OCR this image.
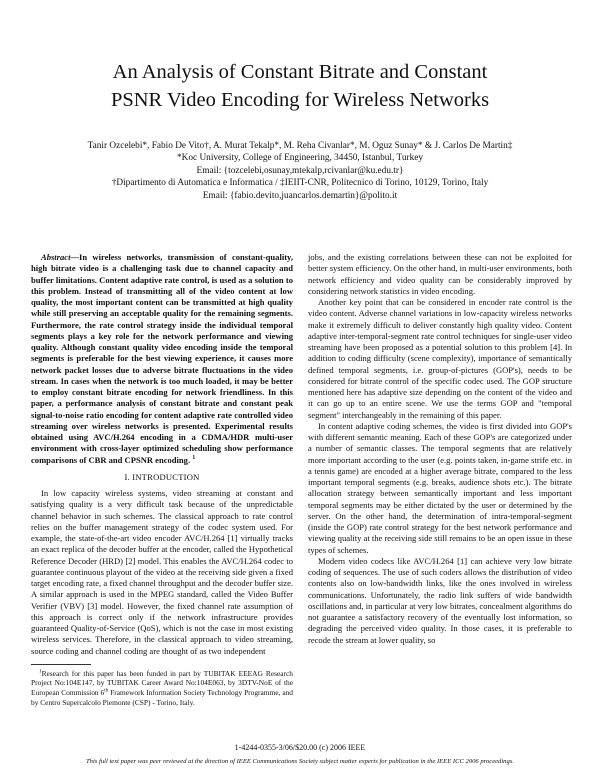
An Analysis of Constant Bitrate and Constant
PSNR Video Encoding for Wireless Networks
Tanir Ozcelebi*, Fabio De Vito†, A. Murat Tekalp*, M. Reha Civanlar*, M. Oguz Sunay* & J. Carlos De Martin‡
*Koc University, College of Engineering, 34450, Istanbul, Turkey
Email: {tozcelebi,osunay,mtekalp,rcivanlar@ku.edu.tr}
†Dipartimento di Automatica e Informatica / ‡IEIIT-CNR, Politecnico di Torino, 10129, Torino, Italy
Email: {fabio.devito,juancarlos.demartin}@polito.it

Abstract—In wireless networks, transmission of constant-quality, high bitrate video is a challenging task due to channel capacity and buffer limitations. Content adaptive rate control, is used as a solution to this problem. Instead of transmitting all of the video content at low quality, the most important content can be transmitted at high quality while still preserving an acceptable quality for the remaining segments. Furthermore, the rate control strategy inside the individual temporal segments plays a key role for the network performance and viewing quality. Although constant quality video encoding inside the temporal segments is preferable for the best viewing experience, it causes more network packet losses due to adverse bitrate fluctuations in the video stream. In cases when the network is too much loaded, it may be better to employ constant bitrate encoding for network friendliness. In this paper, a performance analysis of constant bitrate and constant peak signal-to-noise ratio encoding for content adaptive rate controlled video streaming over wireless networks is presented. Experimental results obtained using AVC/H.264 encoding in a CDMA/HDR multi-user environment with cross-layer optimized scheduling show performance comparisons of CBR and CPSNR encoding. $^1$

I. INTRODUCTION

In low capacity wireless systems, video streaming at constant and satisfying quality is a very difficult task because of the unpredictable channel behavior in such schemes. The classical approach to rate control relies on the buffer management strategy of the codec system used. For example, the state-of-the-art video encoder AVC/H.264 [1] virtually tracks an exact replica of the decoder buffer at the encoder, called the Hypothetical Reference Decoder (HRD) [2] model. This enables the AVC/H.264 codec to guarantee continuous playout of the video at the receiving side given a fixed target encoding rate, a fixed channel throughput and the decoder buffer size. A similar approach is used in the MPEG standard, called the Video Buffer Verifier (VBV) [3] model. However, the fixed channel rate assumption of this approach is correct only if the network infrastructure provides guaranteed Quality-of-Service (QoS), which is not the case in most existing wireless services. Therefore, in the classical approach to video streaming, source coding and channel coding are thought of as two independent

$^1$Research for this paper has been funded in part by TUBITAK EEEAG Research Project No:104E147, by TUBITAK Career Award No:104E063, by 3DTV-NoE of the European Commission 6th Framework Information Society Technology Programme, and by Centro Supercalcolo Piemonte (CSP) - Torino, Italy.

jobs, and the existing correlations between these can not be exploited for better system efficiency. On the other hand, in multi-user environments, both network efficiency and video quality can be considerably improved by considering network statistics in video encoding.

Another key point that can be considered in encoder rate control is the video content. Adverse channel variations in low-capacity wireless networks make it extremely difficult to deliver constantly high quality video. Content adaptive inter-temporal-segment rate control techniques for single-user video streaming have been proposed as a potential solution to this problem [4]. In addition to coding difficulty (scene complexity), importance of semantically defined temporal segments, i.e. group-of-pictures (GOP's), needs to be considered for bitrate control of the specific codec used. The GOP structure mentioned here has adaptive size depending on the content of the video and it can go up to an entire scene. We use the terms GOP and "temporal segment" interchangeably in the remaining of this paper.

In content adaptive coding schemes, the video is first divided into GOP's with different semantic meaning. Each of these GOP's are categorized under a number of semantic classes. The temporal segments that are relatively more important according to the user (e.g. points taken, in-game strife etc. in a tennis game) are encoded at a higher average bitrate, compared to the less important temporal segments (e.g. breaks, audience shots etc.). The bitrate allocation strategy between semantically important and less important temporal segments may be either dictated by the user or determined by the server. On the other hand, the determination of intra-temporal-segment (inside the GOP) rate control strategy for the best network performance and viewing quality at the receiving side still remains to be an open issue in these types of schemes.

Modern video codecs like AVC/H.264 [1] can achieve very low bitrate coding of sequences. The use of such coders allows the distribution of video contents also on low-bandwidth links, like the ones involved in wireless communications. Unfortunately, the radio link suffers of wide bandwidth oscillations and, in particular at very low bitrates, concealment algorithms do not guarantee a satisfactory recovery of the eventually lost information, so degrading the perceived video quality. In those cases, it is preferable to recode the stream at lower quality, so

1-4244-0355-3/06/$20.00 (c) 2006 IEEE
This full text paper was peer reviewed at the direction of IEEE Communications Society subject matter experts for publication in the IEEE ICC 2006 proceedings.
